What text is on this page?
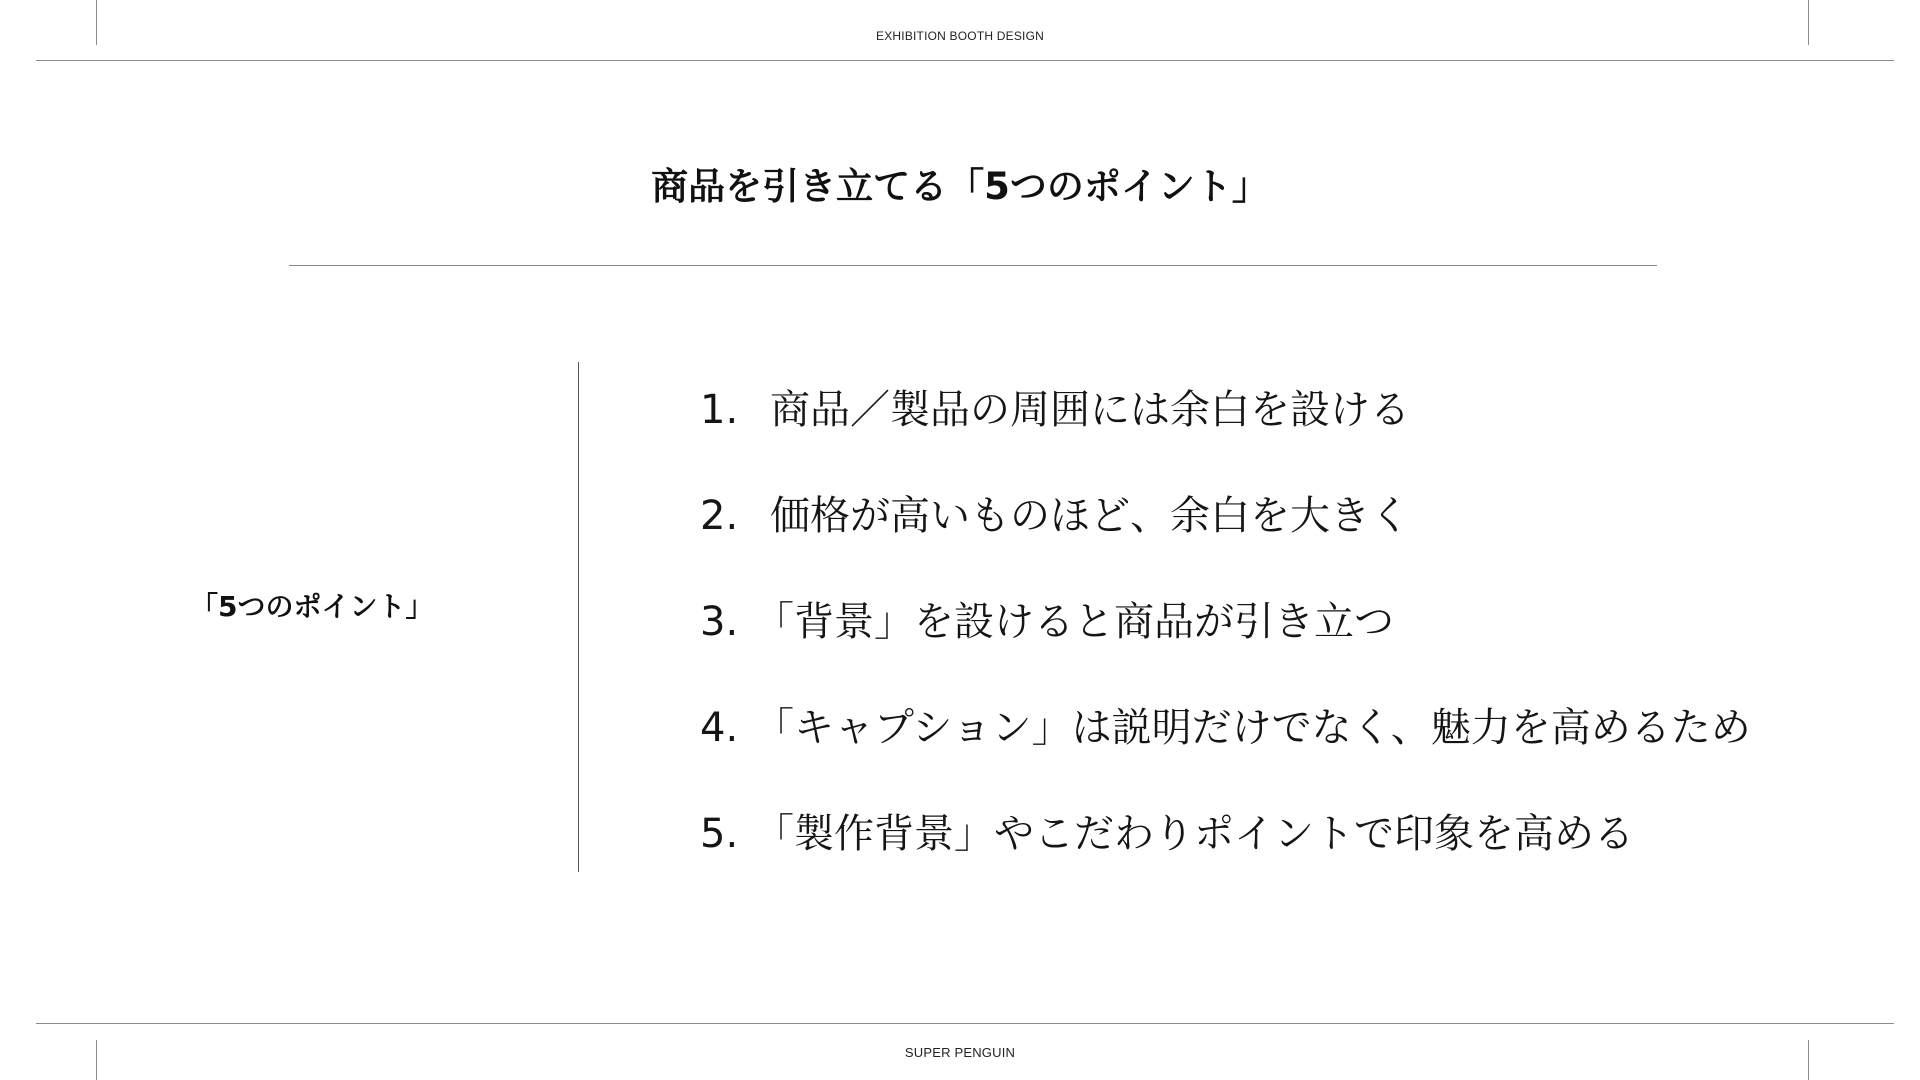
EXHIBITION BOOTH DESIGN
商品を引き立てる「5つのポイント」
「5つのポイント」
1. 商品／製品の周囲には余白を設ける
2. 価格が高いものほど、余白を大きく
3. 「背景」を設けると商品が引き立つ
4. 「キャプション」は説明だけでなく、魅力を高めるため
5. 「製作背景」やこだわりポイントで印象を高める
SUPER PENGUIN
